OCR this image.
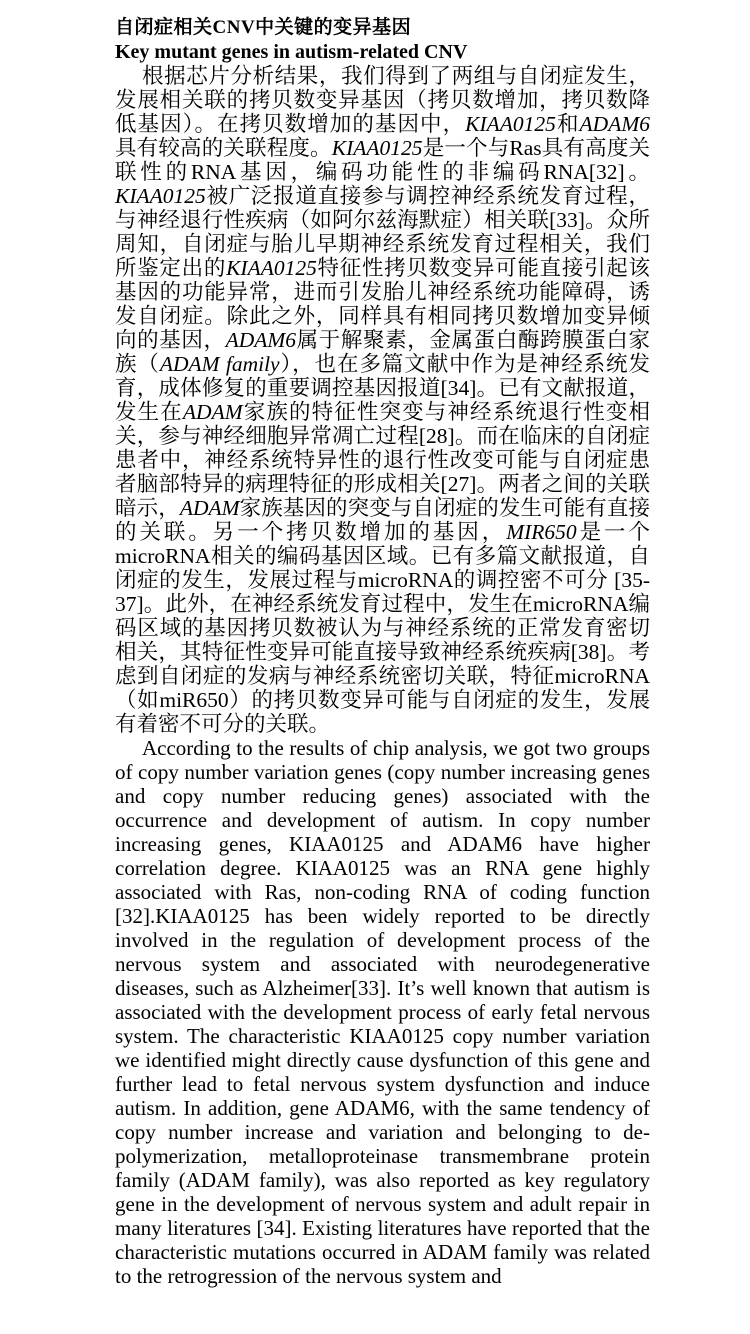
自闭症相关CNV中关键的变异基因
Key mutant genes in autism-related CNV

根据芯片分析结果，我们得到了两组与自闭症发生，发展相关联的拷贝数变异基因（拷贝数增加，拷贝数降低基因）。在拷贝数增加的基因中，KIAA0125和ADAM6具有较高的关联程度。KIAA0125是一个与Ras具有高度关联性的RNA基因，编码功能性的非编码RNA[32]。KIAA0125被广泛报道直接参与调控神经系统发育过程，与神经退行性疾病（如阿尔兹海默症）相关联[33]。众所周知，自闭症与胎儿早期神经系统发育过程相关，我们所鉴定出的KIAA0125特征性拷贝数变异可能直接引起该基因的功能异常，进而引发胎儿神经系统功能障碍，诱发自闭症。除此之外，同样具有相同拷贝数增加变异倾向的基因，ADAM6属于解聚素，金属蛋白酶跨膜蛋白家族（ADAM family），也在多篇文献中作为是神经系统发育，成体修复的重要调控基因报道[34]。已有文献报道，发生在ADAM家族的特征性突变与神经系统退行性变相关，参与神经细胞异常凋亡过程[28]。而在临床的自闭症患者中，神经系统特异性的退行性改变可能与自闭症患者脑部特异的病理特征的形成相关[27]。两者之间的关联暗示，ADAM家族基因的突变与自闭症的发生可能有直接的关联。另一个拷贝数增加的基因，MIR650是一个microRNA相关的编码基因区域。已有多篇文献报道，自闭症的发生，发展过程与microRNA的调控密不可分 [35-37]。此外，在神经系统发育过程中，发生在microRNA编码区域的基因拷贝数被认为与神经系统的正常发育密切相关，其特征性变异可能直接导致神经系统疾病[38]。考虑到自闭症的发病与神经系统密切关联，特征microRNA（如miR650）的拷贝数变异可能与自闭症的发生，发展有着密不可分的关联。

According to the results of chip analysis, we got two groups of copy number variation genes (copy number increasing genes and copy number reducing genes) associated with the occurrence and development of autism. In copy number increasing genes, KIAA0125 and ADAM6 have higher correlation degree. KIAA0125 was an RNA gene highly associated with Ras, non-coding RNA of coding function [32].KIAA0125 has been widely reported to be directly involved in the regulation of development process of the nervous system and associated with neurodegenerative diseases, such as Alzheimer[33]. It’s well known that autism is associated with the development process of early fetal nervous system. The characteristic KIAA0125 copy number variation we identified might directly cause dysfunction of this gene and further lead to fetal nervous system dysfunction and induce autism. In addition, gene ADAM6, with the same tendency of copy number increase and variation and belonging to de-polymerization, metalloproteinase transmembrane protein family (ADAM family), was also reported as key regulatory gene in the development of nervous system and adult repair in many literatures [34]. Existing literatures have reported that the characteristic mutations occurred in ADAM family was related to the retrogression of the nervous system and
